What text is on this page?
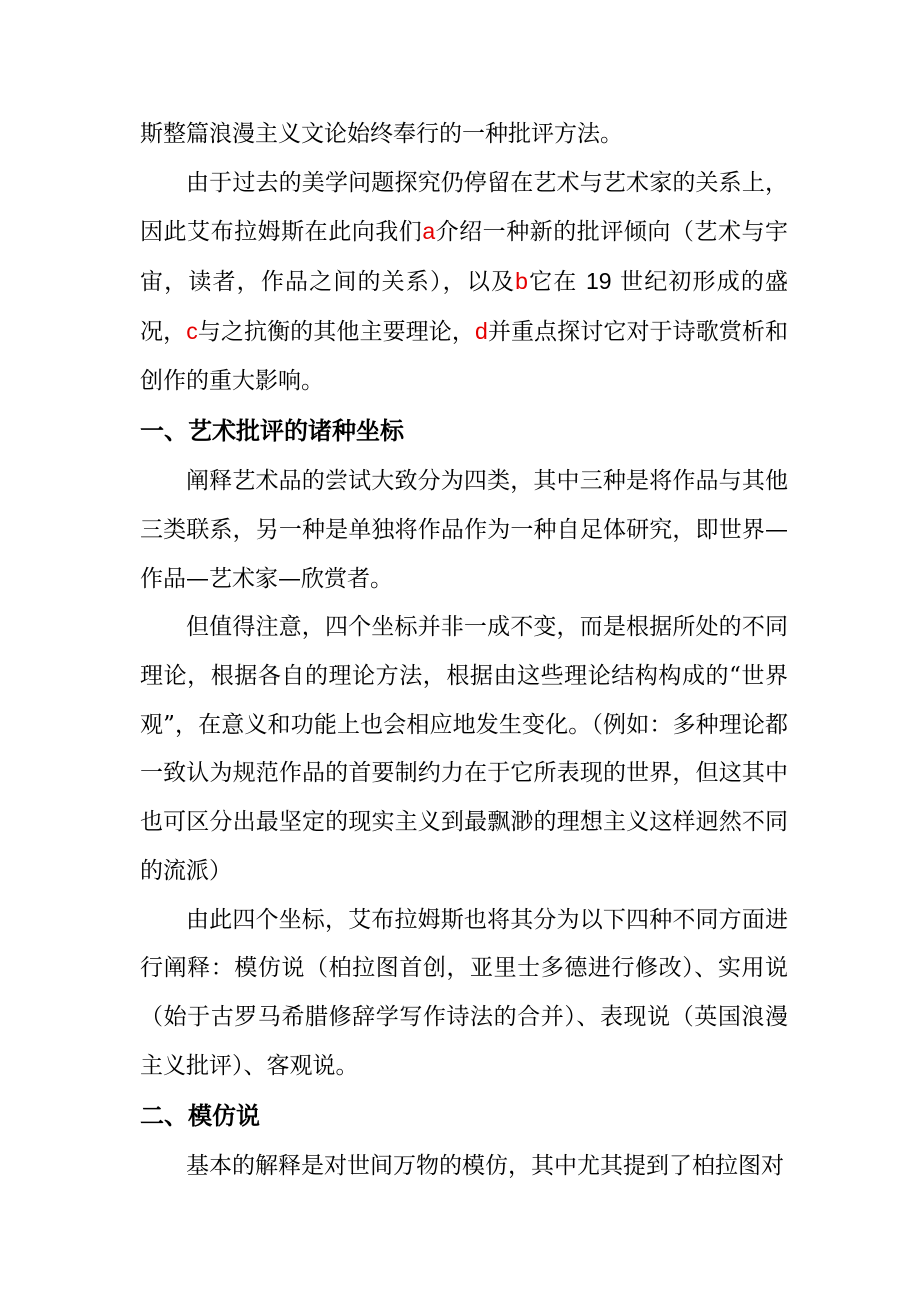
斯整篇浪漫主义文论始终奉行的一种批评方法。

由于过去的美学问题探究仍停留在艺术与艺术家的关系上，因此艾布拉姆斯在此向我们a介绍一种新的批评倾向（艺术与宇宙，读者，作品之间的关系），以及b它在 19 世纪初形成的盛况，c与之抗衡的其他主要理论，d并重点探讨它对于诗歌赏析和创作的重大影响。

一、艺术批评的诸种坐标

阐释艺术品的尝试大致分为四类，其中三种是将作品与其他三类联系，另一种是单独将作品作为一种自足体研究，即世界—作品—艺术家—欣赏者。

但值得注意，四个坐标并非一成不变，而是根据所处的不同理论，根据各自的理论方法，根据由这些理论结构构成的“世界观”，在意义和功能上也会相应地发生变化。（例如：多种理论都一致认为规范作品的首要制约力在于它所表现的世界，但这其中也可区分出最坚定的现实主义到最飘渺的理想主义这样迥然不同的流派）

由此四个坐标，艾布拉姆斯也将其分为以下四种不同方面进行阐释：模仿说（柏拉图首创，亚里士多德进行修改）、实用说（始于古罗马希腊修辞学写作诗法的合并）、表现说（英国浪漫主义批评）、客观说。

二、模仿说

基本的解释是对世间万物的模仿，其中尤其提到了柏拉图对
